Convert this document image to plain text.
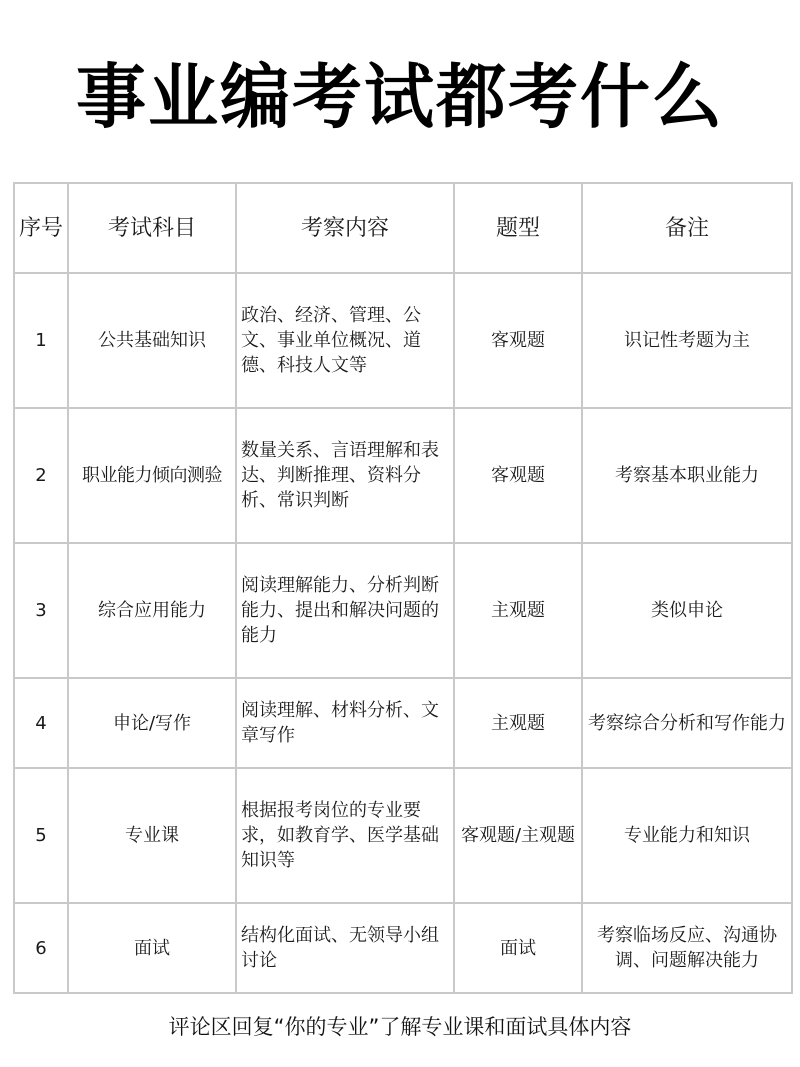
事业编考试都考什么
序号	考试科目	考察内容	题型	备注
1	公共基础知识	政治、经济、管理、公文、事业单位概况、道德、科技人文等	客观题	识记性考题为主
2	职业能力倾向测验	数量关系、言语理解和表达、判断推理、资料分析、常识判断	客观题	考察基本职业能力
3	综合应用能力	阅读理解能力、分析判断能力、提出和解决问题的能力	主观题	类似申论
4	申论/写作	阅读理解、材料分析、文章写作	主观题	考察综合分析和写作能力
5	专业课	根据报考岗位的专业要求，如教育学、医学基础知识等	客观题/主观题	专业能力和知识
6	面试	结构化面试、无领导小组讨论	面试	考察临场反应、沟通协调、问题解决能力
评论区回复“你的专业”了解专业课和面试具体内容
